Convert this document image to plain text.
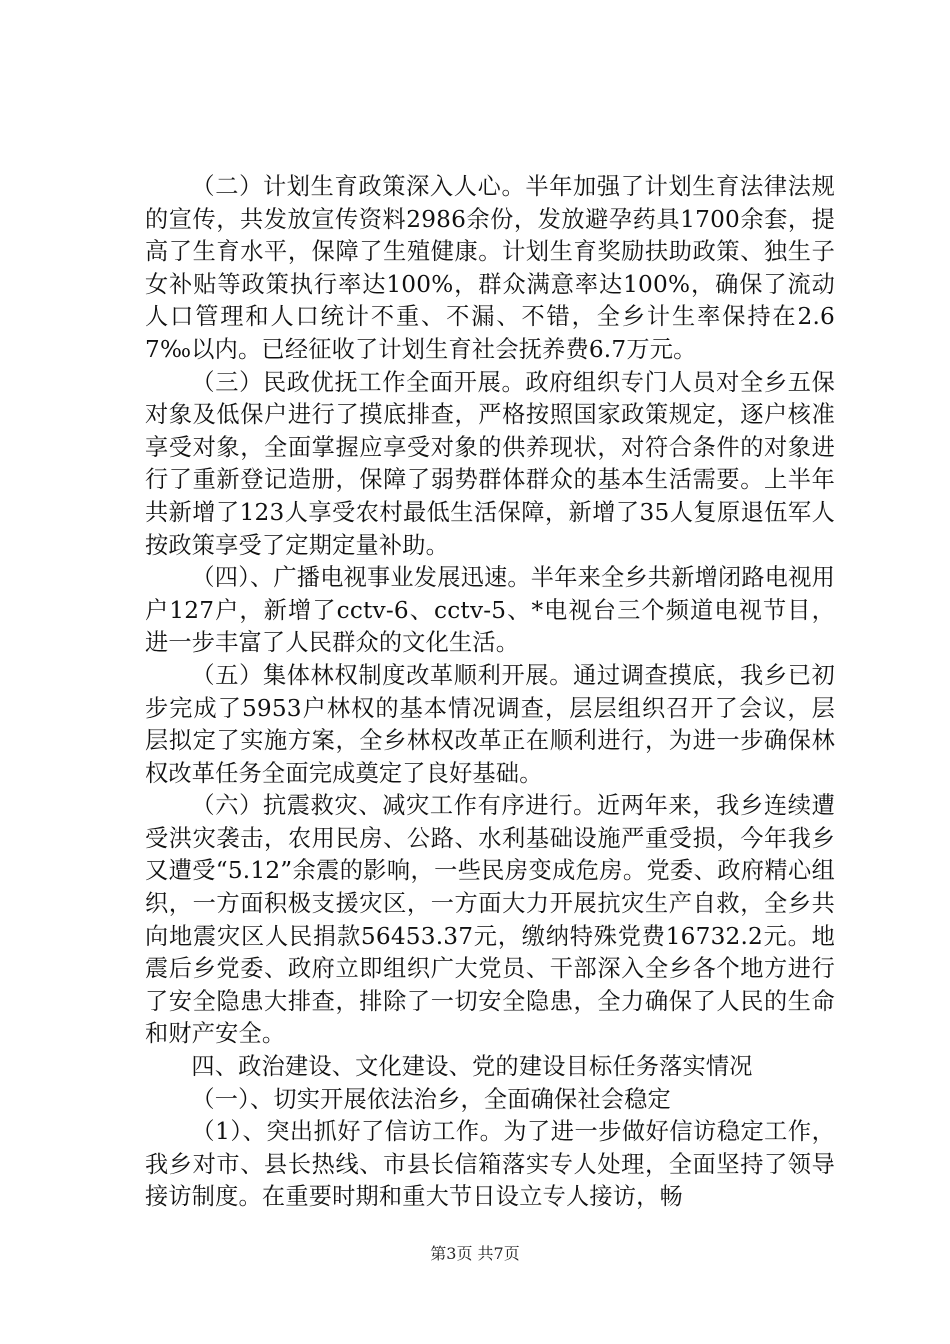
（二）计划生育政策深入人心。半年加强了计划生育法律法规的宣传，共发放宣传资料2986余份，发放避孕药具1700余套，提高了生育水平，保障了生殖健康。计划生育奖励扶助政策、独生子女补贴等政策执行率达100%，群众满意率达100%，确保了流动人口管理和人口统计不重、不漏、不错，全乡计生率保持在2.67‰以内。已经征收了计划生育社会抚养费6.7万元。

（三）民政优抚工作全面开展。政府组织专门人员对全乡五保对象及低保户进行了摸底排查，严格按照国家政策规定，逐户核准享受对象，全面掌握应享受对象的供养现状，对符合条件的对象进行了重新登记造册，保障了弱势群体群众的基本生活需要。上半年共新增了123人享受农村最低生活保障，新增了35人复原退伍军人按政策享受了定期定量补助。

（四）、广播电视事业发展迅速。半年来全乡共新增闭路电视用户127户，新增了cctv-6、cctv-5、*电视台三个频道电视节目，进一步丰富了人民群众的文化生活。

（五）集体林权制度改革顺利开展。通过调查摸底，我乡已初步完成了5953户林权的基本情况调查，层层组织召开了会议，层层拟定了实施方案，全乡林权改革正在顺利进行，为进一步确保林权改革任务全面完成奠定了良好基础。

（六）抗震救灾、减灾工作有序进行。近两年来，我乡连续遭受洪灾袭击，农用民房、公路、水利基础设施严重受损，今年我乡又遭受“5.12”余震的影响，一些民房变成危房。党委、政府精心组织，一方面积极支援灾区，一方面大力开展抗灾生产自救，全乡共向地震灾区人民捐款56453.37元，缴纳特殊党费16732.2元。地震后乡党委、政府立即组织广大党员、干部深入全乡各个地方进行了安全隐患大排查，排除了一切安全隐患，全力确保了人民的生命和财产安全。

四、政治建设、文化建设、党的建设目标任务落实情况

（一）、切实开展依法治乡，全面确保社会稳定

（1）、突出抓好了信访工作。为了进一步做好信访稳定工作，我乡对市、县长热线、市县长信箱落实专人处理，全面坚持了领导接访制度。在重要时期和重大节日设立专人接访，畅

第3页 共7页
